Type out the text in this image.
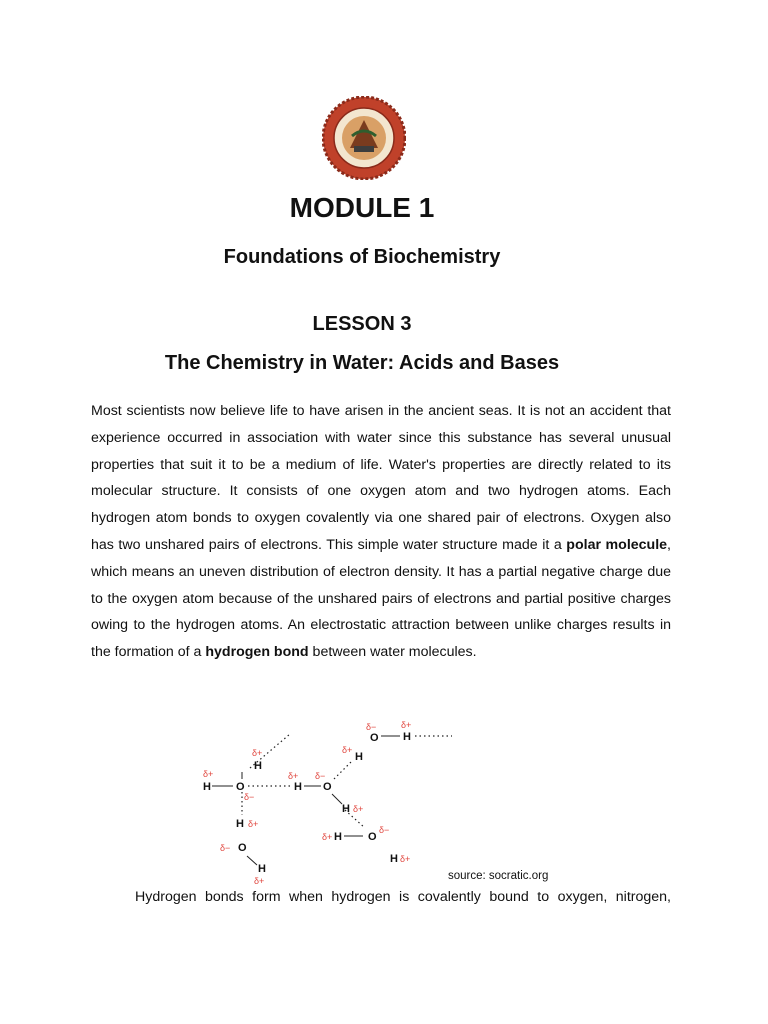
MODULE 1
Foundations of Biochemistry
LESSON 3
The Chemistry in Water: Acids and Bases
Most scientists now believe life to have arisen in the ancient seas. It is not an accident that experience occurred in association with water since this substance has several unusual properties that suit it to be a medium of life. Water's properties are directly related to its molecular structure. It consists of one oxygen atom and two hydrogen atoms. Each hydrogen atom bonds to oxygen covalently via one shared pair of electrons. Oxygen also has two unshared pairs of electrons. This simple water structure made it a polar molecule, which means an uneven distribution of electron density. It has a partial negative charge due to the oxygen atom because of the unshared pairs of electrons and partial positive charges owing to the hydrogen atoms. An electrostatic attraction between unlike charges results in the formation of a hydrogen bond between water molecules.
H O
H
H
O
H
H O
H
O H
H
H O
H
δ+
δ+
δ−
δ+
δ−
δ+
δ+ δ−
δ+
δ−	δ+
δ+
δ+
δ−
δ+
source: socratic.org
Hydrogen bonds form when hydrogen is covalently bound to oxygen, nitrogen,
